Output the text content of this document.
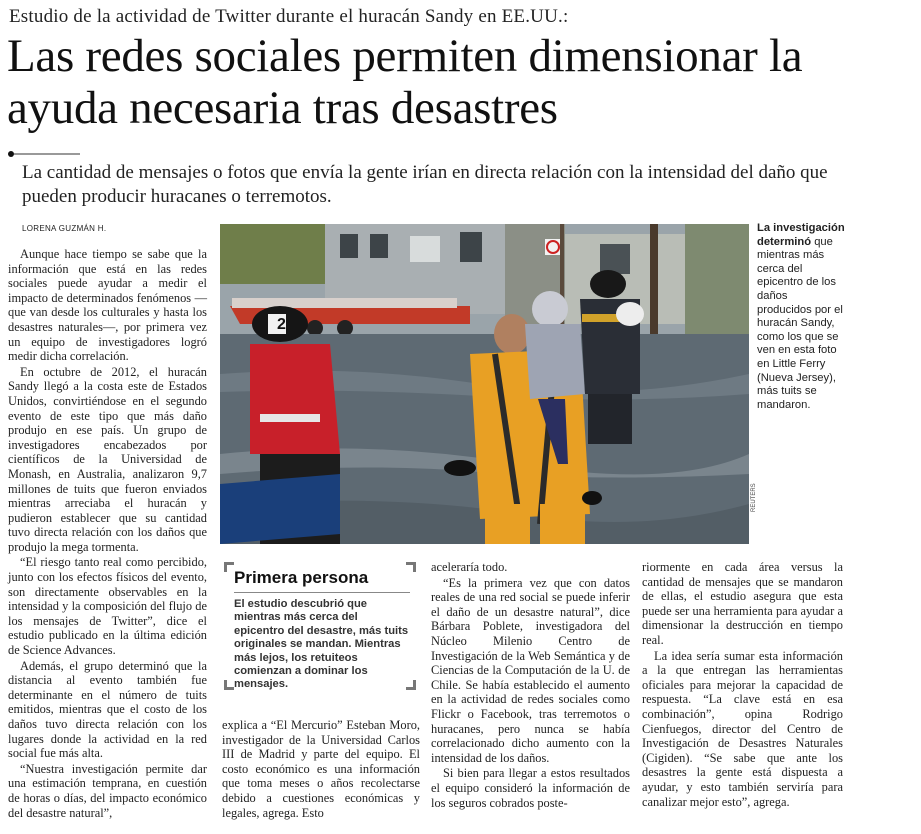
Estudio de la actividad de Twitter durante el huracán Sandy en EE.UU.:
Las redes sociales permiten dimensionar la ayuda necesaria tras desastres
La cantidad de mensajes o fotos que envía la gente irían en directa relación con la intensidad del daño que pueden producir huracanes o terremotos.
LORENA GUZMÁN H.

Aunque hace tiempo se sabe que la información que está en las redes sociales puede ayudar a medir el impacto de determinados fenómenos —que van desde los culturales y hasta los desastres naturales—, por primera vez un equipo de investigadores logró medir dicha correlación.

En octubre de 2012, el huracán Sandy llegó a la costa este de Estados Unidos, convirtiéndose en el segundo evento de este tipo que más daño produjo en ese país. Un grupo de investigadores encabezados por científicos de la Universidad de Monash, en Australia, analizaron 9,7 millones de tuits que fueron enviados mientras arreciaba el huracán y pudieron establecer que su cantidad tuvo directa relación con los daños que produjo la mega tormenta.

“El riesgo tanto real como percibido, junto con los efectos físicos del evento, son directamente observables en la intensidad y la composición del flujo de los mensajes de Twitter”, dice el estudio publicado en la última edición de Science Advances.

Además, el grupo determinó que la distancia al evento también fue determinante en el número de tuits emitidos, mientras que el costo de los daños tuvo directa relación con los lugares donde la actividad en la red social fue más alta.

“Nuestra investigación permite dar una estimación temprana, en cuestión de horas o días, del impacto económico del desastre natural”,

2
REUTERS
La investigación determinó que mientras más cerca del epicentro de los daños producidos por el huracán Sandy, como los que se ven en esta foto en Little Ferry (Nueva Jersey), más tuits se mandaron.
Primera persona
El estudio descubrió que mientras más cerca del epicentro del desastre, más tuits originales se mandan. Mientras más lejos, los retuiteos comienzan a dominar los mensajes.

explica a “El Mercurio” Esteban Moro, investigador de la Universidad Carlos III de Madrid y parte del equipo. El costo económico es una información que toma meses o años recolectarse debido a cuestiones económicas y legales, agrega. Esto

aceleraría todo.

“Es la primera vez que con datos reales de una red social se puede inferir el daño de un desastre natural”, dice Bárbara Poblete, investigadora del Núcleo Milenio Centro de Investigación de la Web Semántica y de Ciencias de la Computación de la U. de Chile. Se había establecido el aumento en la actividad de redes sociales como Flickr o Facebook, tras terremotos o huracanes, pero nunca se había correlacionado dicho aumento con la intensidad de los daños.

Si bien para llegar a estos resultados el equipo consideró la información de los seguros cobrados poste-

riormente en cada área versus la cantidad de mensajes que se mandaron de ellas, el estudio asegura que esta puede ser una herramienta para ayudar a dimensionar la destrucción en tiempo real.

La idea sería sumar esta información a la que entregan las herramientas oficiales para mejorar la capacidad de respuesta. “La clave está en esa combinación”, opina Rodrigo Cienfuegos, director del Centro de Investigación de Desastres Naturales (Cigiden). “Se sabe que ante los desastres la gente está dispuesta a ayudar, y esto también serviría para canalizar mejor esto”, agrega.
